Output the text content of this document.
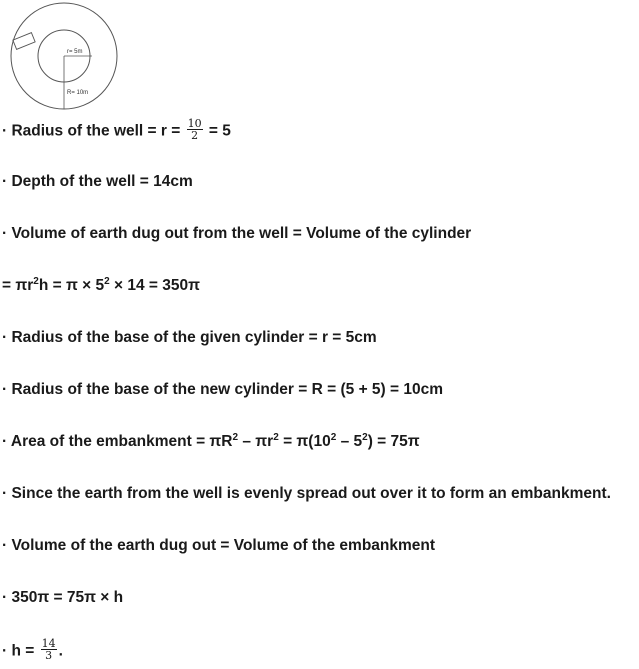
r= 5m
R= 10m
· Radius of the well = $r = \frac{10}{2} = 5$
· Depth of the well = 14cm
· Volume of earth dug out from the well = Volume of the cylinder
= $\pi r^2h = \pi \times 5^2 \times 14 = 350\pi$
· Radius of the base of the given cylinder = r = 5cm
· Radius of the base of the new cylinder = R = (5 + 5) = 10cm
· Area of the embankment = $\pi R^2 - \pi r^2 = \pi(10^2 - 5^2) = 75\pi$
· Since the earth from the well is evenly spread out over it to form an embankment.
· Volume of the earth dug out = Volume of the embankment
· 350π = 75π × h
· $h = \frac{14}{3}$ .
